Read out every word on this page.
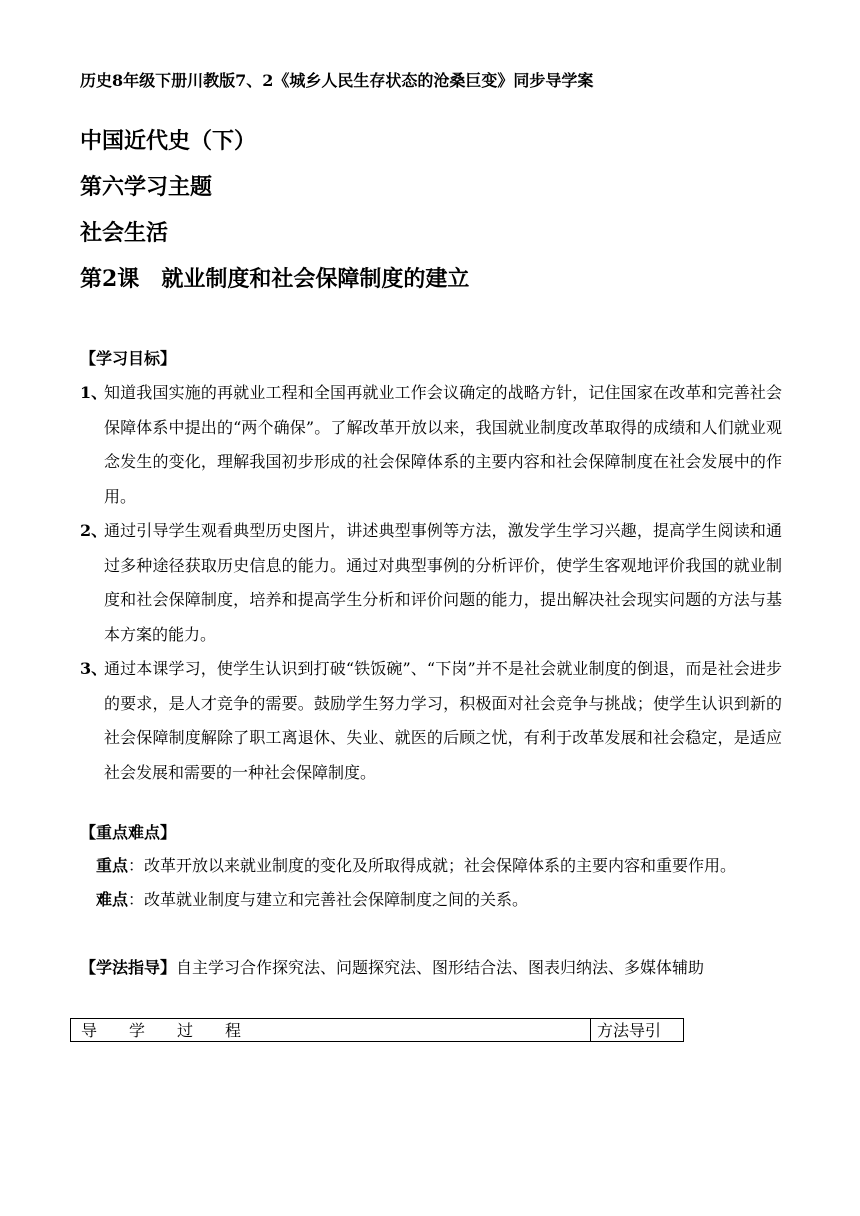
历史8年级下册川教版7、2《城乡人民生存状态的沧桑巨变》同步导学案
中国近代史（下）
第六学习主题
社会生活
第2课 就业制度和社会保障制度的建立
【学习目标】
1、
知道我国实施的再就业工程和全国再就业工作会议确定的战略方针，记住国家在改革和完善社会保障体系中提出的“两个确保”。了解改革开放以来，我国就业制度改革取得的成绩和人们就业观念发生的变化，理解我国初步形成的社会保障体系的主要内容和社会保障制度在社会发展中的作用。
2、
通过引导学生观看典型历史图片，讲述典型事例等方法，激发学生学习兴趣，提高学生阅读和通过多种途径获取历史信息的能力。通过对典型事例的分析评价，使学生客观地评价我国的就业制度和社会保障制度，培养和提高学生分析和评价问题的能力，提出解决社会现实问题的方法与基本方案的能力。
3、
通过本课学习，使学生认识到打破“铁饭碗”、“下岗”并不是社会就业制度的倒退，而是社会进步的要求，是人才竞争的需要。鼓励学生努力学习，积极面对社会竞争与挑战；使学生认识到新的社会保障制度解除了职工离退休、失业、就医的后顾之忧，有利于改革发展和社会稳定，是适应社会发展和需要的一种社会保障制度。
【重点难点】
重点：改革开放以来就业制度的变化及所取得成就；社会保障体系的主要内容和重要作用。
难点：改革就业制度与建立和完善社会保障制度之间的关系。
【学法指导】自主学习合作探究法、问题探究法、图形结合法、图表归纳法、多媒体辅助
导　　学　　过　　程	方法导引
